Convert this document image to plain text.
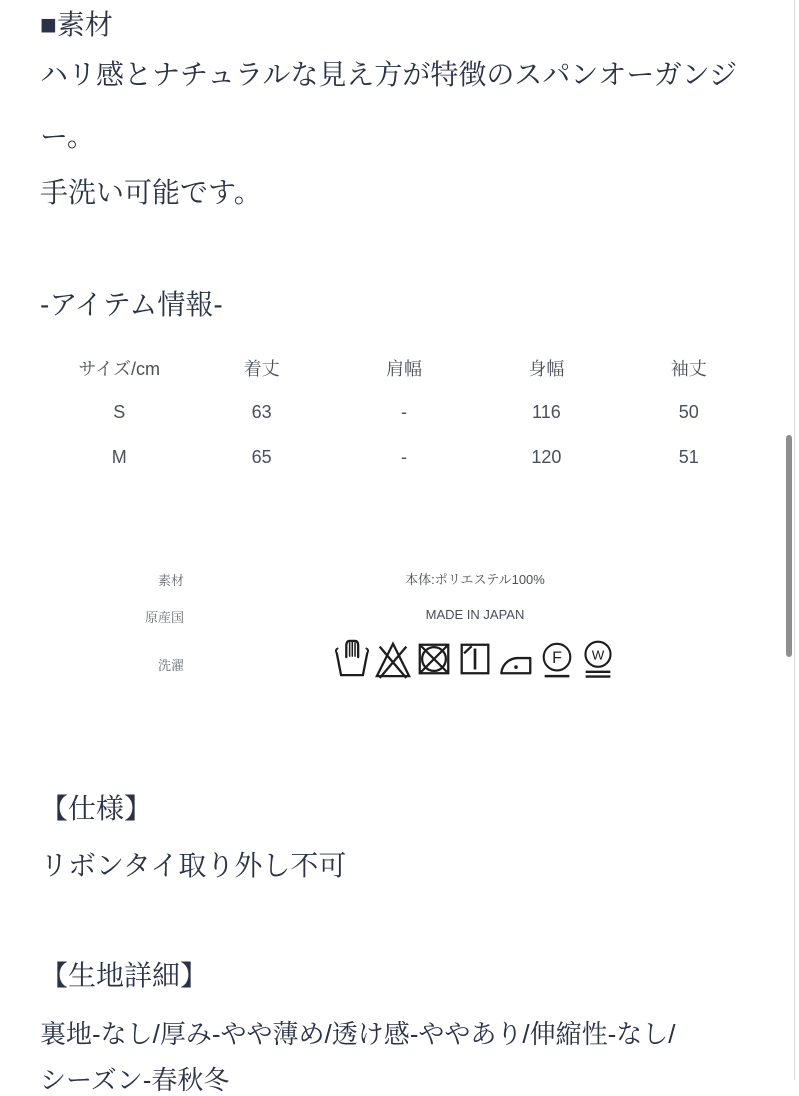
■素材
ハリ感とナチュラルな見え方が特徴のスパンオーガンジ
ー。
手洗い可能です。
-アイテム情報-
サイズ/cm	着丈	肩幅	身幅	袖丈
S	63	-	116	50
M	65	-	120	51
素材	本体:ポリエステル100%
原産国	MADE IN JAPAN
洗濯	F W
【仕様】
リボンタイ取り外し不可
【生地詳細】
裏地-なし/厚み-やや薄め/透け感-ややあり/伸縮性-なし/
シーズン-春秋冬
